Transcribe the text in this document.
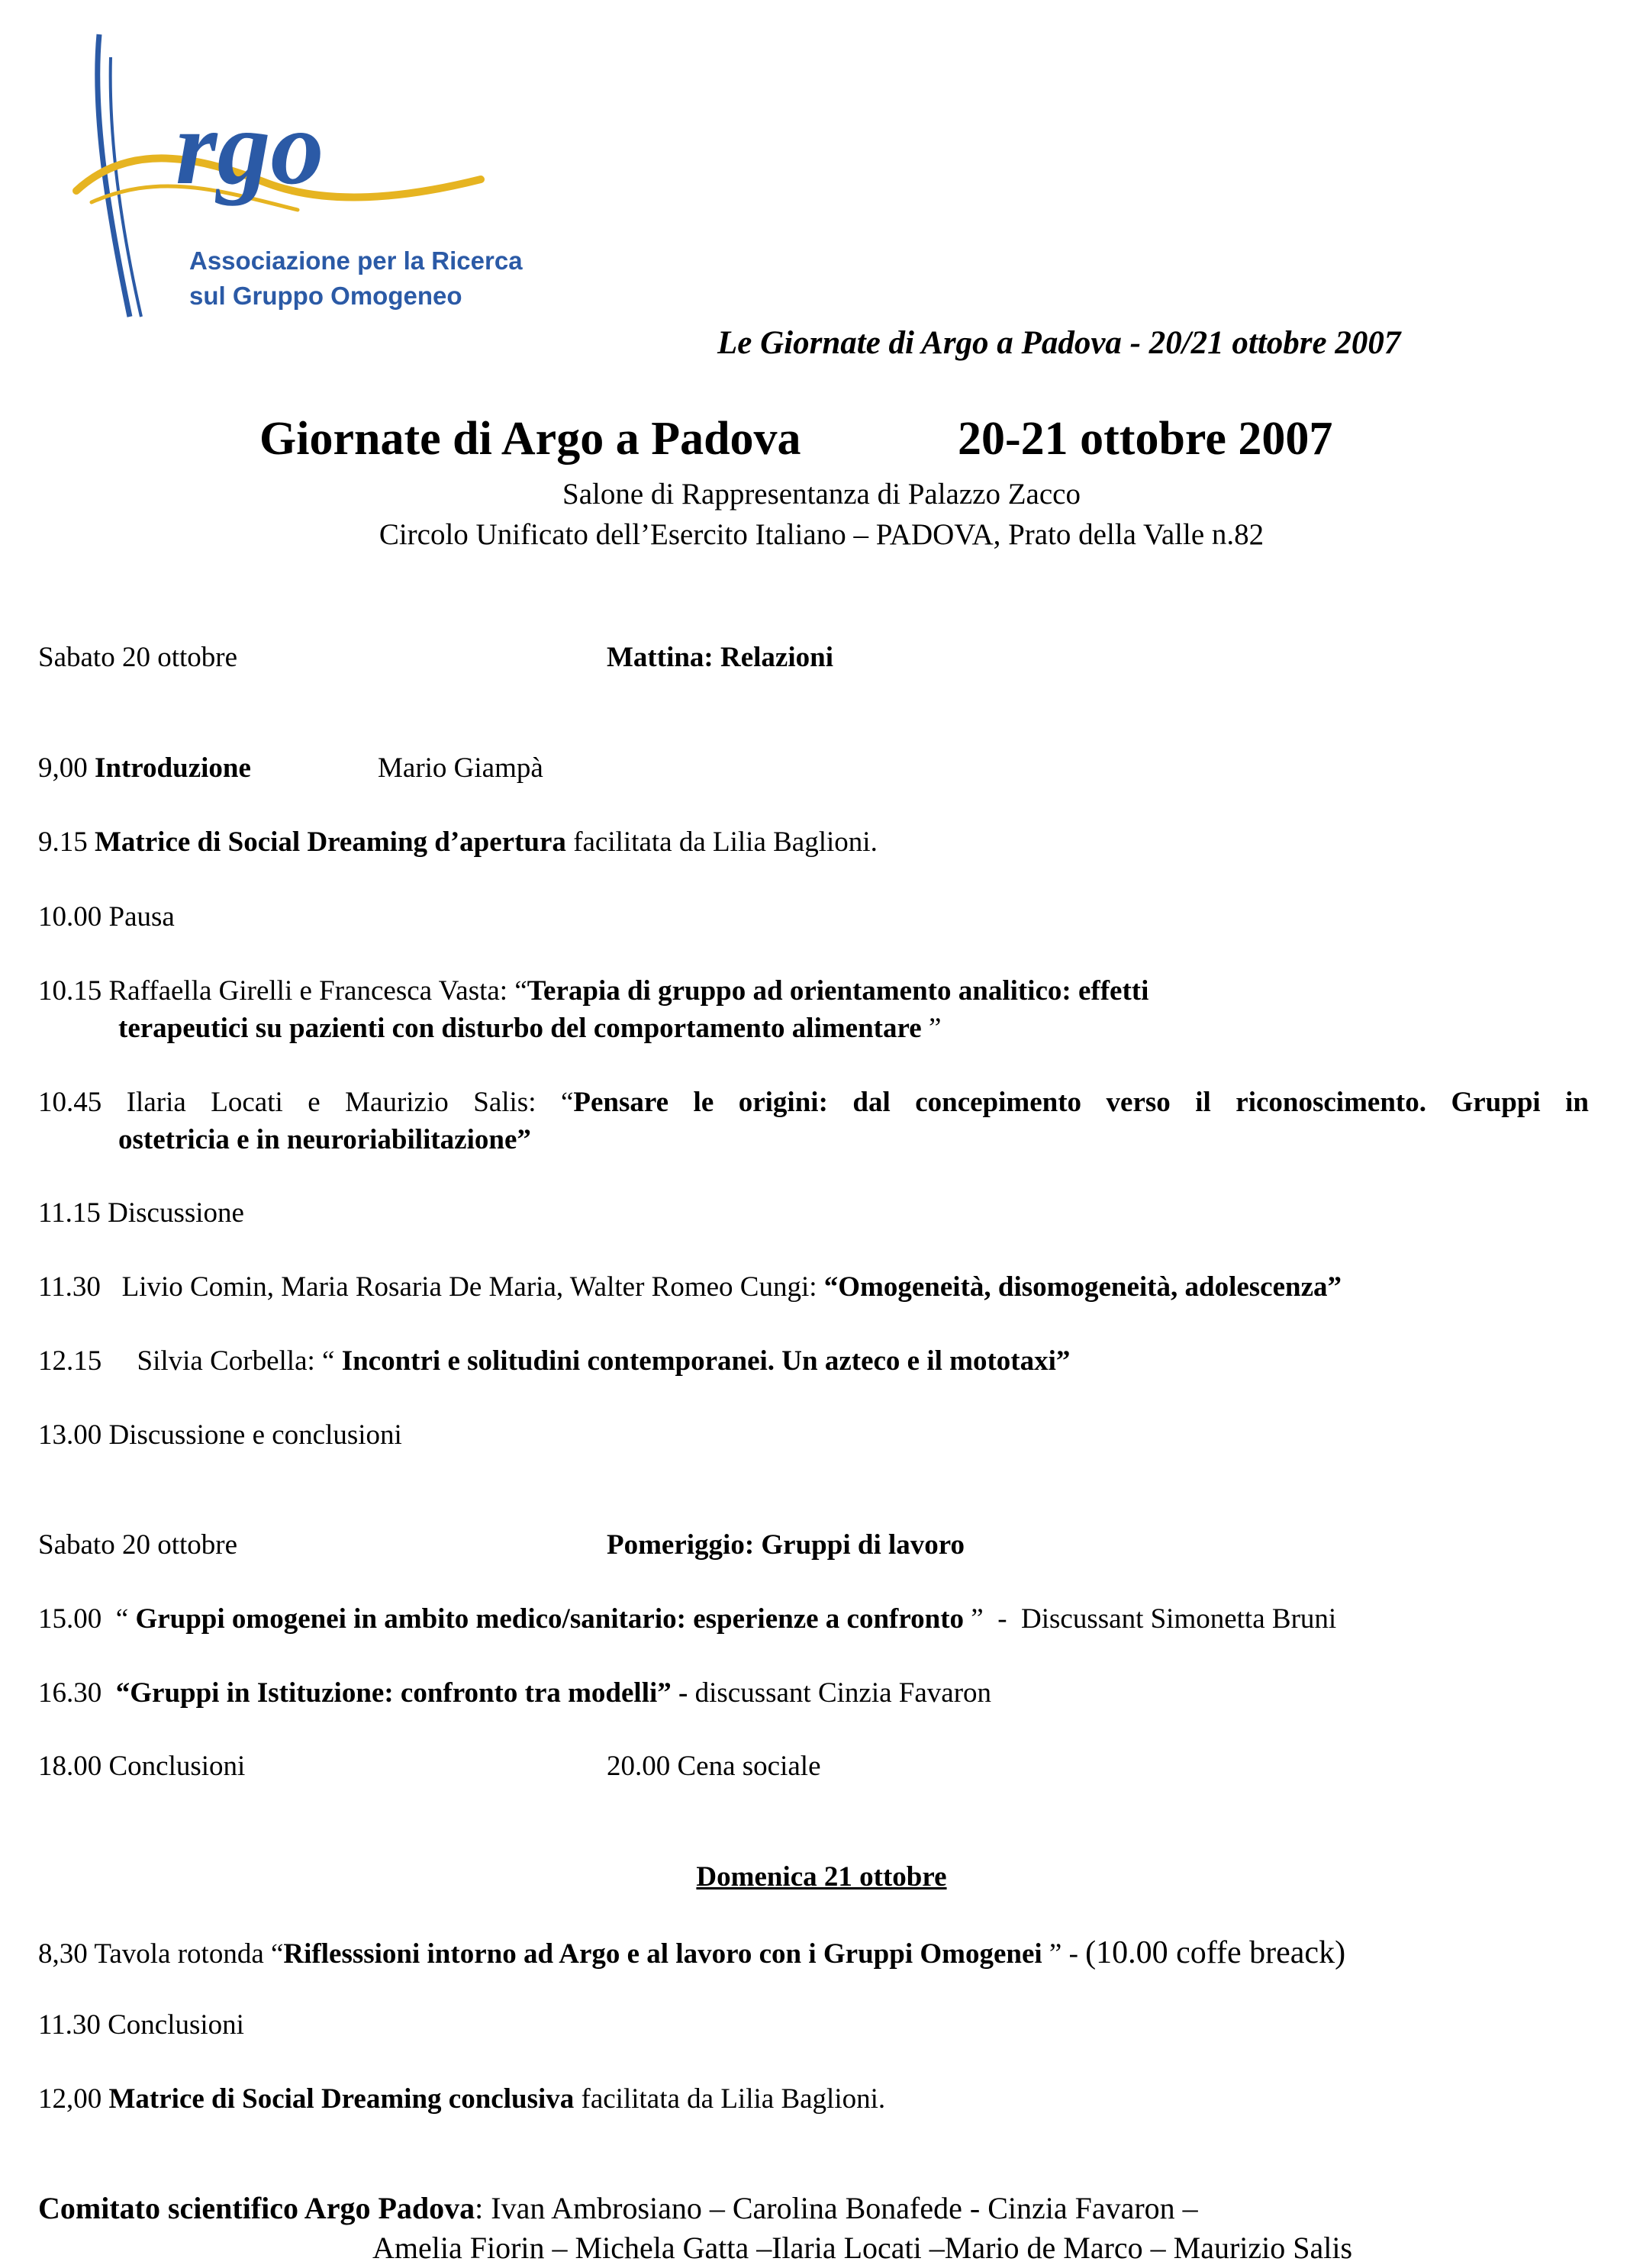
rgo
Associazione per la Ricerca
sul Gruppo Omogeneo
Le Giornate di Argo a Padova - 20/21 ottobre 2007
Giornate di Argo a Padova	20-21 ottobre 2007
Salone di Rappresentanza di Palazzo Zacco
Circolo Unificato dell’Esercito Italiano – PADOVA, Prato della Valle n.82
Sabato 20 ottobre	Mattina: Relazioni
9,00 Introduzione	Mario Giampà
9.15 Matrice di Social Dreaming d’apertura facilitata da Lilia Baglioni.
10.00 Pausa
10.15 Raffaella Girelli e Francesca Vasta: “Terapia di gruppo ad orientamento analitico: effetti
terapeutici su pazienti con disturbo del comportamento alimentare ”
10.45 Ilaria Locati e Maurizio Salis: “Pensare le origini: dal concepimento verso il riconoscimento. Gruppi in
ostetricia e in neuroriabilitazione”
11.15 Discussione
11.30   Livio Comin, Maria Rosaria De Maria, Walter Romeo Cungi: “Omogeneità, disomogeneità, adolescenza”
12.15     Silvia Corbella: “ Incontri e solitudini contemporanei. Un azteco e il mototaxi”
13.00 Discussione e conclusioni
Sabato 20 ottobre	Pomeriggio: Gruppi di lavoro
15.00  “ Gruppi omogenei in ambito medico/sanitario: esperienze a confronto ”  -  Discussant Simonetta Bruni
16.30  “Gruppi in Istituzione: confronto tra modelli” - discussant Cinzia Favaron
18.00 Conclusioni	20.00 Cena sociale
Domenica 21 ottobre
8,30 Tavola rotonda “Riflesssioni intorno ad Argo e al lavoro con i Gruppi Omogenei ” - (10.00 coffe breack)
11.30 Conclusioni
12,00 Matrice di Social Dreaming conclusiva facilitata da Lilia Baglioni.
Comitato scientifico Argo Padova: Ivan Ambrosiano – Carolina Bonafede - Cinzia Favaron –
Amelia Fiorin – Michela Gatta –Ilaria Locati –Mario de Marco – Maurizio Salis
